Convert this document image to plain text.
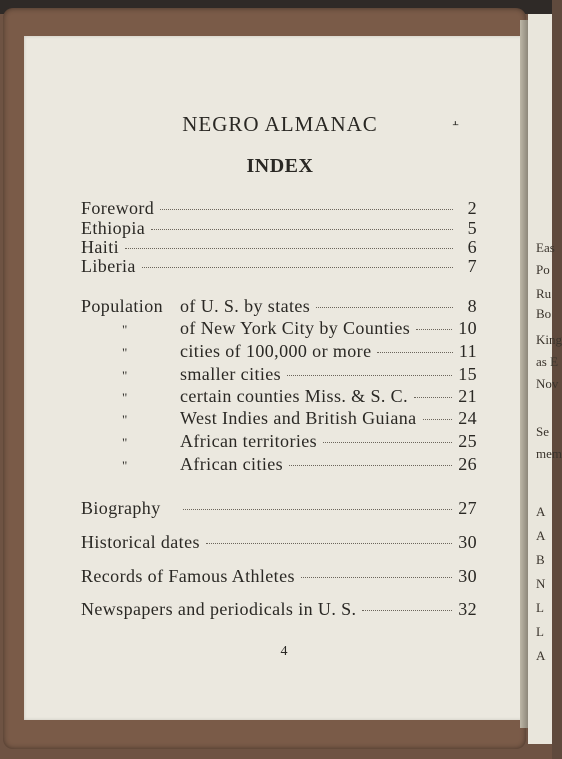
Eas
Po
Ru
Bo
King
as E
Nov
Se
mem
A
A
B
N
L
L
A
NEGRO ALMANAC	⫠
INDEX
Foreword	2
Ethiopia	5
Haiti	6
Liberia	7
Population of U. S. by states	8
"	of New York City by Counties	10
"	cities of 100,000 or more	11
"	smaller cities	15
"	certain counties Miss. & S. C.	21
"	West Indies and British Guiana 24
"	African territories	25
"	African cities	26
Biography	27
Historical dates	30
Records of Famous Athletes	30
Newspapers and periodicals in U. S.	32
4
